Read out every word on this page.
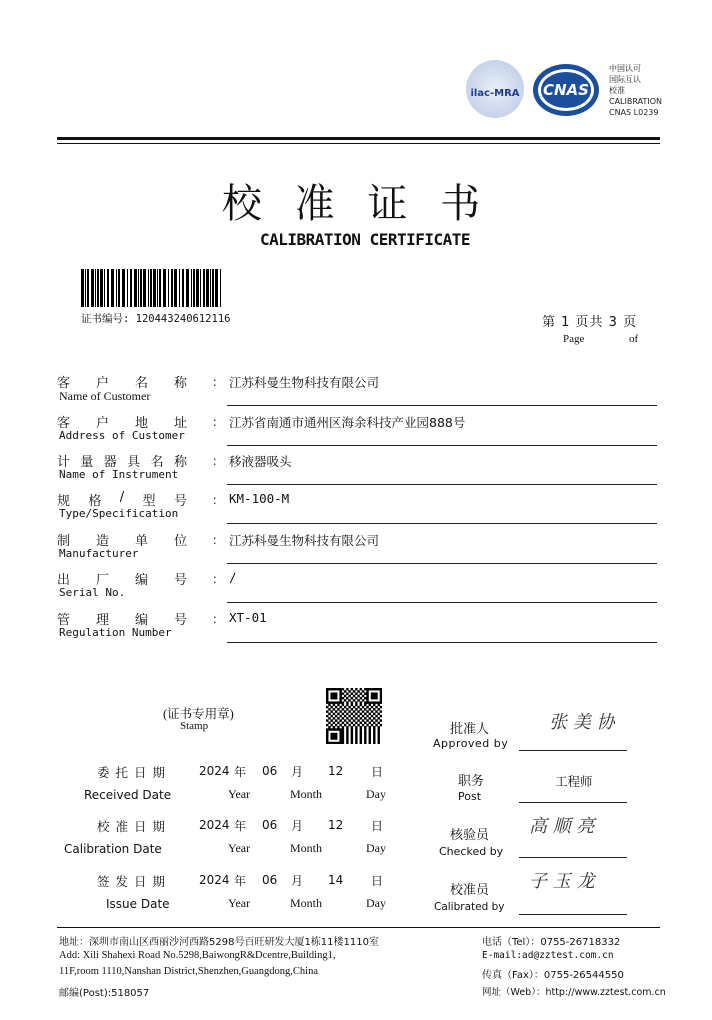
ilac-MRA	CNAS
中国认可
国际互认
校准
CALIBRATION
CNAS L0239
校 准 证 书
CALIBRATION CERTIFICATE
证书编号: 120443240612116	第 1 页共 3 页
Page	of
客 户 名 称
Name of Customer
： 江苏科曼生物科技有限公司
客 户 地 址
Address of Customer
： 江苏省南通市通州区海余科技产业园888号
计 量 器 具 名 称
Name of Instrument
： 移液器吸头
规 格 / 型 号
Type/Specification
： KM-100-M
制 造 单 位
Manufacturer
： 江苏科曼生物科技有限公司
出 厂 编 号
Serial No.
： /
管 理 编 号
Regulation Number
： XT-01
(证书专用章)
Stamp
委托日期
Received Date
2024 年 06 月 12 日
Year	Month	Day
校准日期
Calibration Date
2024 年 06 月 12 日
Year	Month	Day
签发日期
Issue Date
2024 年 06 月 14 日
Year	Month	Day
批准人
Approved by
张 美 协
职务
Post
工程师
核验员
Checked by
高 顺 亮
校准员
Calibrated by
子 玉 龙
地址：深圳市南山区西丽沙河西路5298号百旺研发大厦1栋11楼1110室
Add: Xili Shahexi Road No.5298,BaiwongR&Dcentre,Building1,
11F,room 1110,Nanshan District,Shenzhen,Guangdong,China
邮编(Post):518057
电话（Tel）：0755-26718332
E-mail:ad@zztest.com.cn
传真（Fax）：0755-26544550
网址（Web）：http://www.zztest.com.cn
